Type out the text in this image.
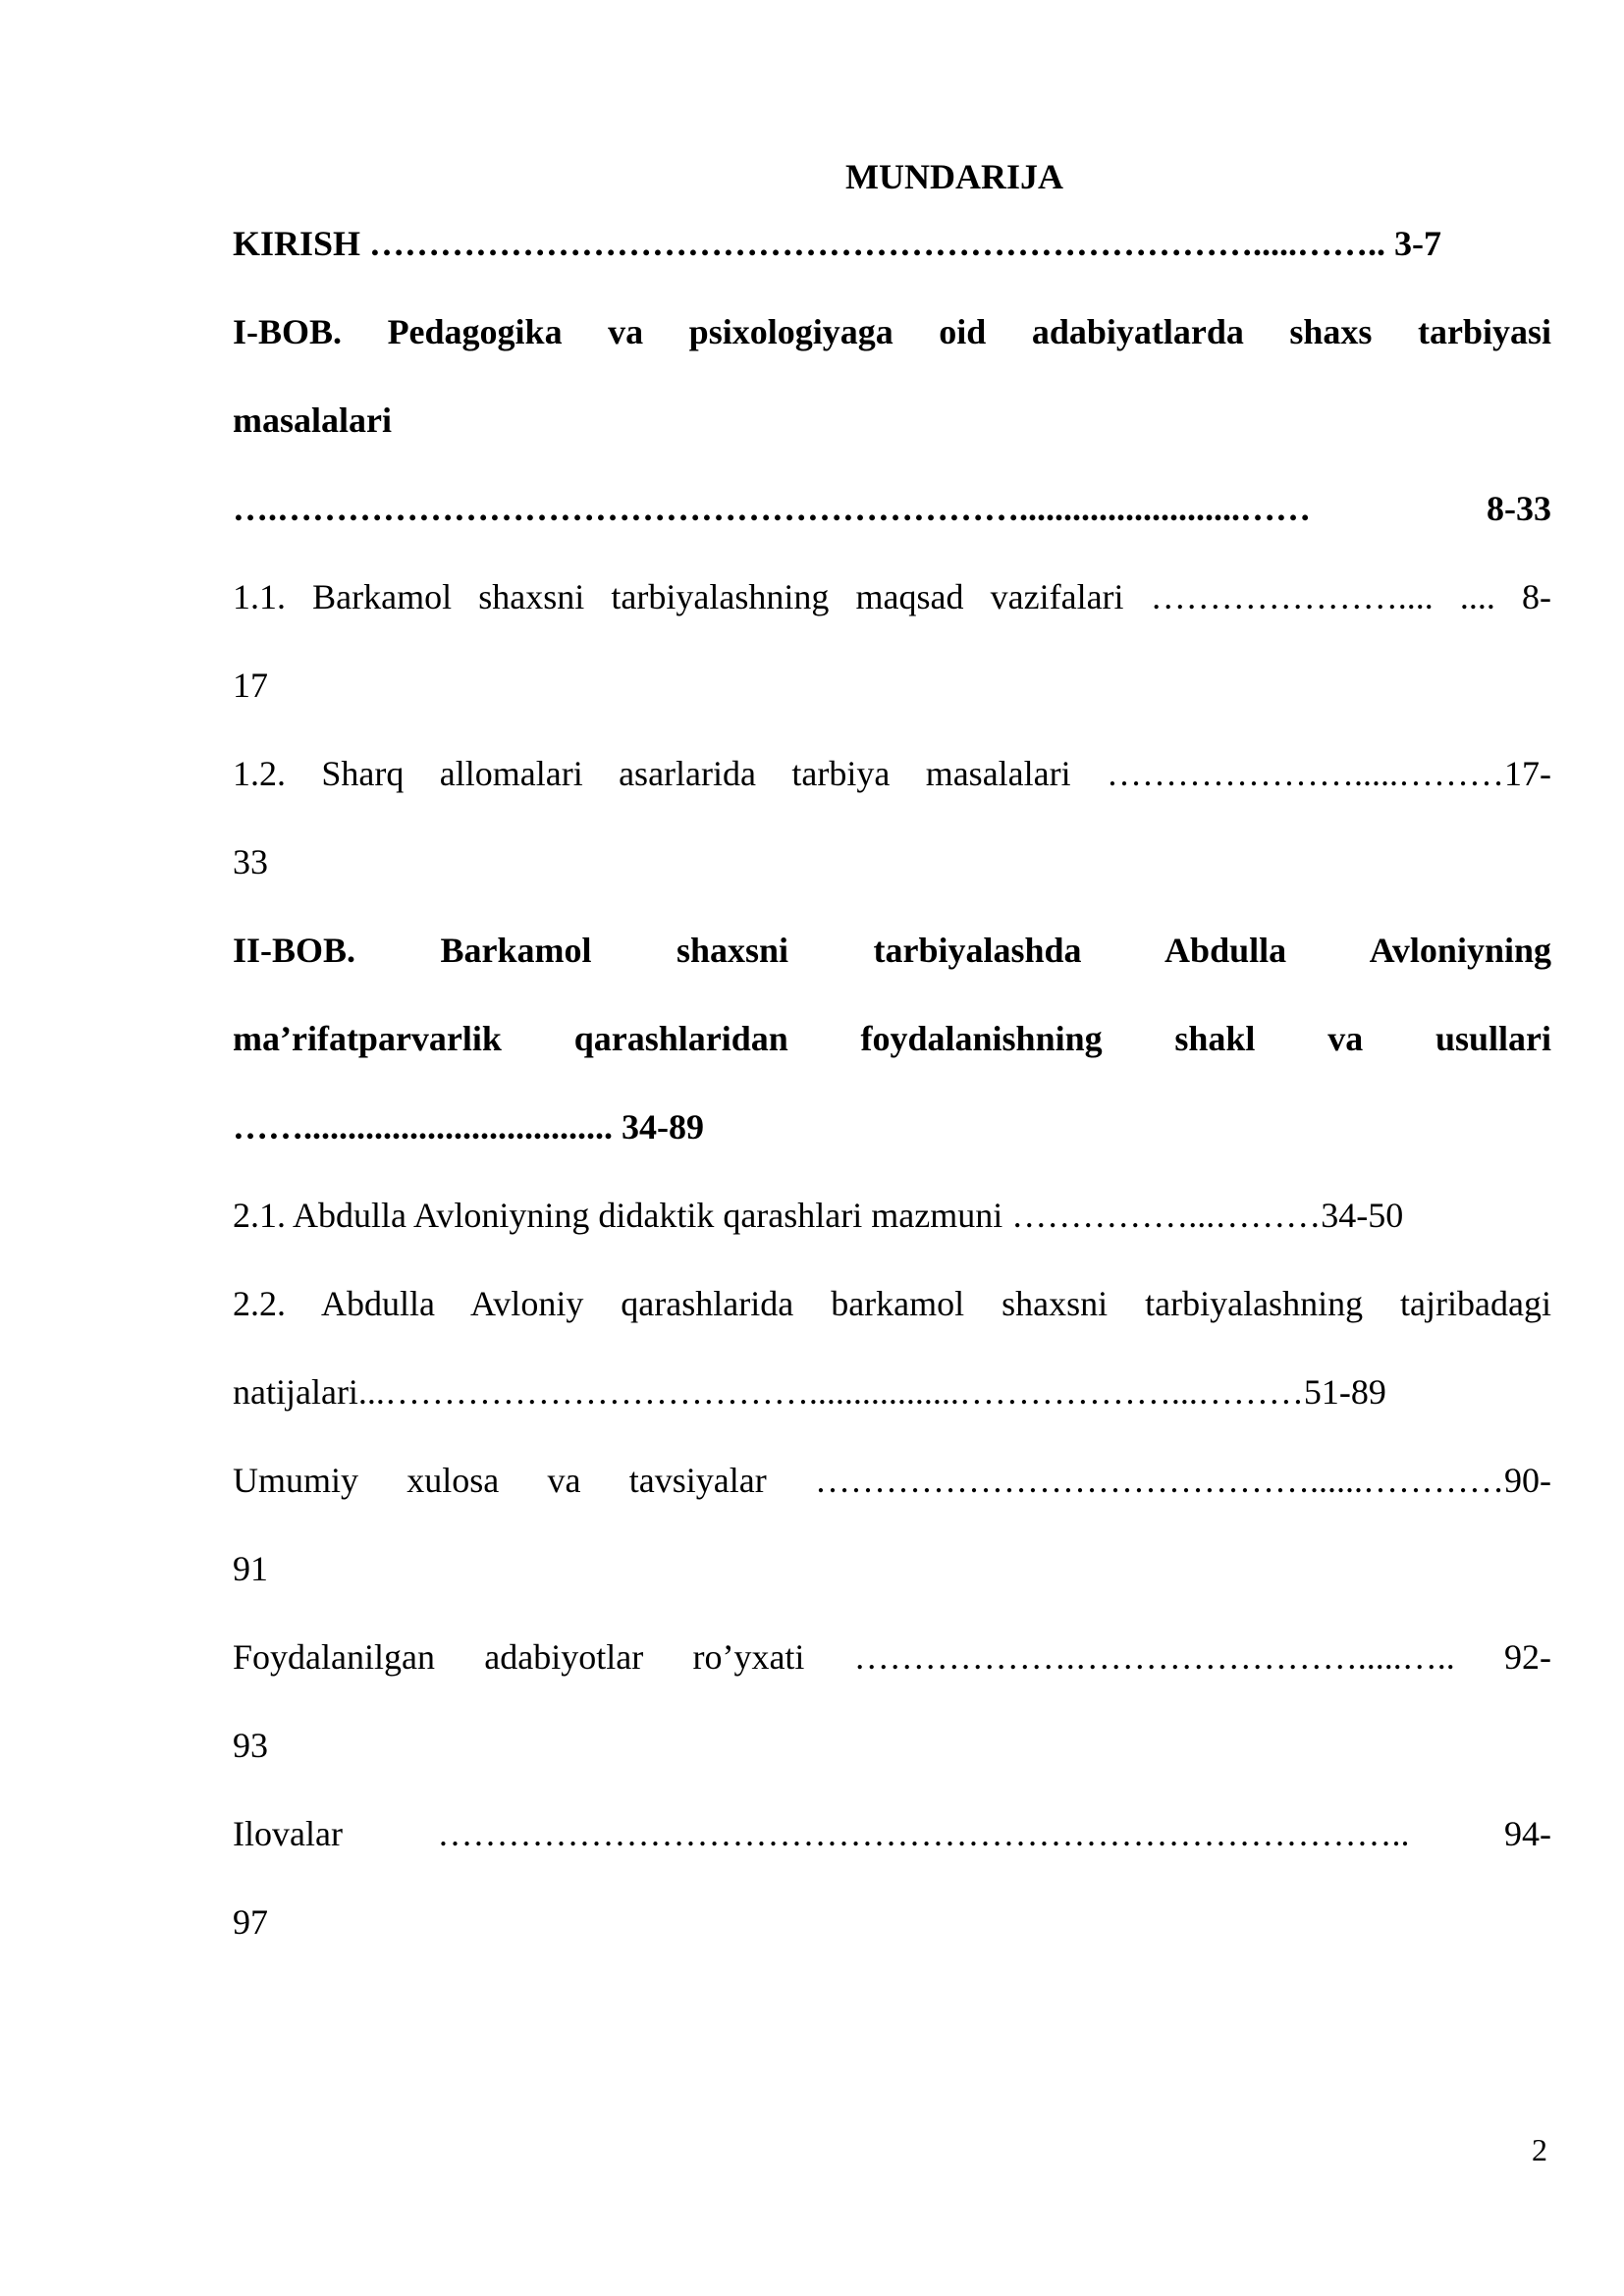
MUNDARIJA
KIRISH ………………………………………………………………….....…….. 3-7
I-BOB. Pedagogika va psixologiyaga oid adabiyatlarda shaxs tarbiyasi
masalalari
….……………………………………………………….........................…… 8-33
1.1. Barkamol shaxsni tarbiyalashning maqsad vazifalari ………………….... .... 8-
17
1.2. Sharq allomalari asarlarida tarbiya masalalari ………………….....………17-
33
II-BOB. Barkamol shaxsni tarbiyalashda Abdulla Avloniyning
ma’rifatparvarlik qarashlaridan foydalanishning shakl va usullari
……................................... 34-89
2.1. Abdulla Avloniyning didaktik qarashlari mazmuni ……………...………34-50
2.2. Abdulla Avloniy qarashlarida barkamol shaxsni tarbiyalashning tajribadagi
natijalari...……………………………….................………………...………51-89
Umumiy xulosa va tavsiyalar ……………………………………......…………90-
91
Foydalanilgan adabiyotlar ro’yxati ……………….…………………….....….. 92-
93
Ilovalar ……………………………………………………………………….. 94-
97
2
